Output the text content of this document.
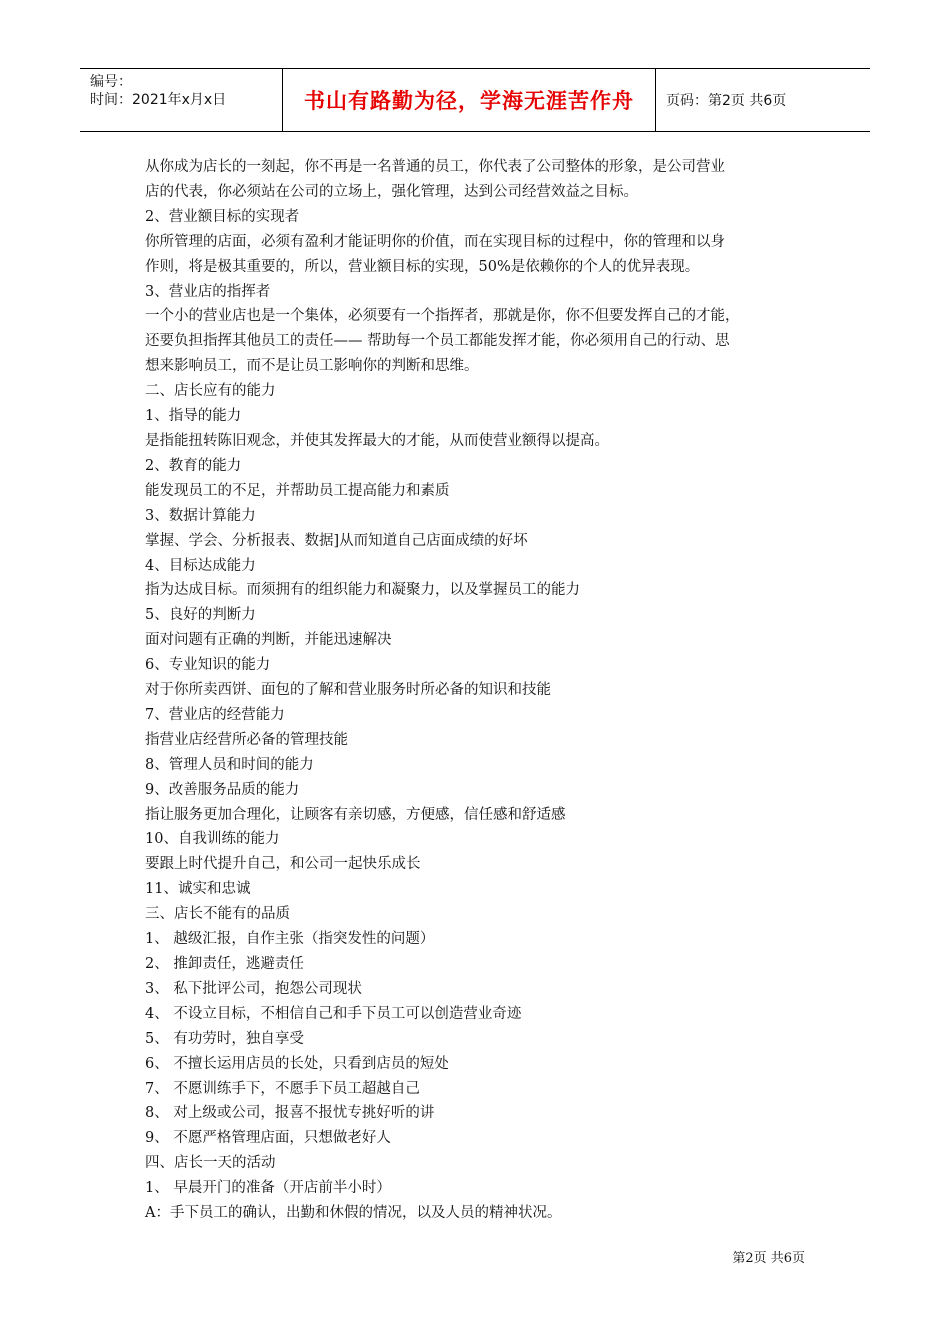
编号：
时间：2021年x月x日	书山有路勤为径，学海无涯苦作舟 页码：第2页 共6页

从你成为店长的一刻起，你不再是一名普通的员工，你代表了公司整体的形象，是公司营业

店的代表，你必须站在公司的立场上，强化管理，达到公司经营效益之目标。

2、营业额目标的实现者

你所管理的店面，必须有盈利才能证明你的价值，而在实现目标的过程中，你的管理和以身

作则，将是极其重要的，所以，营业额目标的实现，50%是依赖你的个人的优异表现。

3、营业店的指挥者

一个小的营业店也是一个集体，必须要有一个指挥者，那就是你，你不但要发挥自己的才能，

还要负担指挥其他员工的责任—— 帮助每一个员工都能发挥才能，你必须用自己的行动、思

想来影响员工，而不是让员工影响你的判断和思维。

二、店长应有的能力

1、指导的能力

是指能扭转陈旧观念，并使其发挥最大的才能，从而使营业额得以提高。

2、教育的能力

能发现员工的不足，并帮助员工提高能力和素质

3、数据计算能力

掌握、学会、分析报表、数据]从而知道自己店面成绩的好坏

4、目标达成能力

指为达成目标。而须拥有的组织能力和凝聚力，以及掌握员工的能力

5、良好的判断力

面对问题有正确的判断，并能迅速解决

6、专业知识的能力

对于你所卖西饼、面包的了解和营业服务时所必备的知识和技能

7、营业店的经营能力

指营业店经营所必备的管理技能

8、管理人员和时间的能力

9、改善服务品质的能力

指让服务更加合理化，让顾客有亲切感，方便感，信任感和舒适感

10、自我训练的能力

要跟上时代提升自己，和公司一起快乐成长

11、诚实和忠诚

三、店长不能有的品质

1、 越级汇报，自作主张（指突发性的问题）

2、 推卸责任，逃避责任

3、 私下批评公司，抱怨公司现状

4、 不设立目标，不相信自己和手下员工可以创造营业奇迹

5、 有功劳时，独自享受

6、 不擅长运用店员的长处，只看到店员的短处

7、 不愿训练手下，不愿手下员工超越自己

8、 对上级或公司，报喜不报忧专挑好听的讲

9、 不愿严格管理店面，只想做老好人

四、店长一天的活动

1、 早晨开门的准备（开店前半小时）

A：手下员工的确认，出勤和休假的情况，以及人员的精神状况。

第2页 共6页
